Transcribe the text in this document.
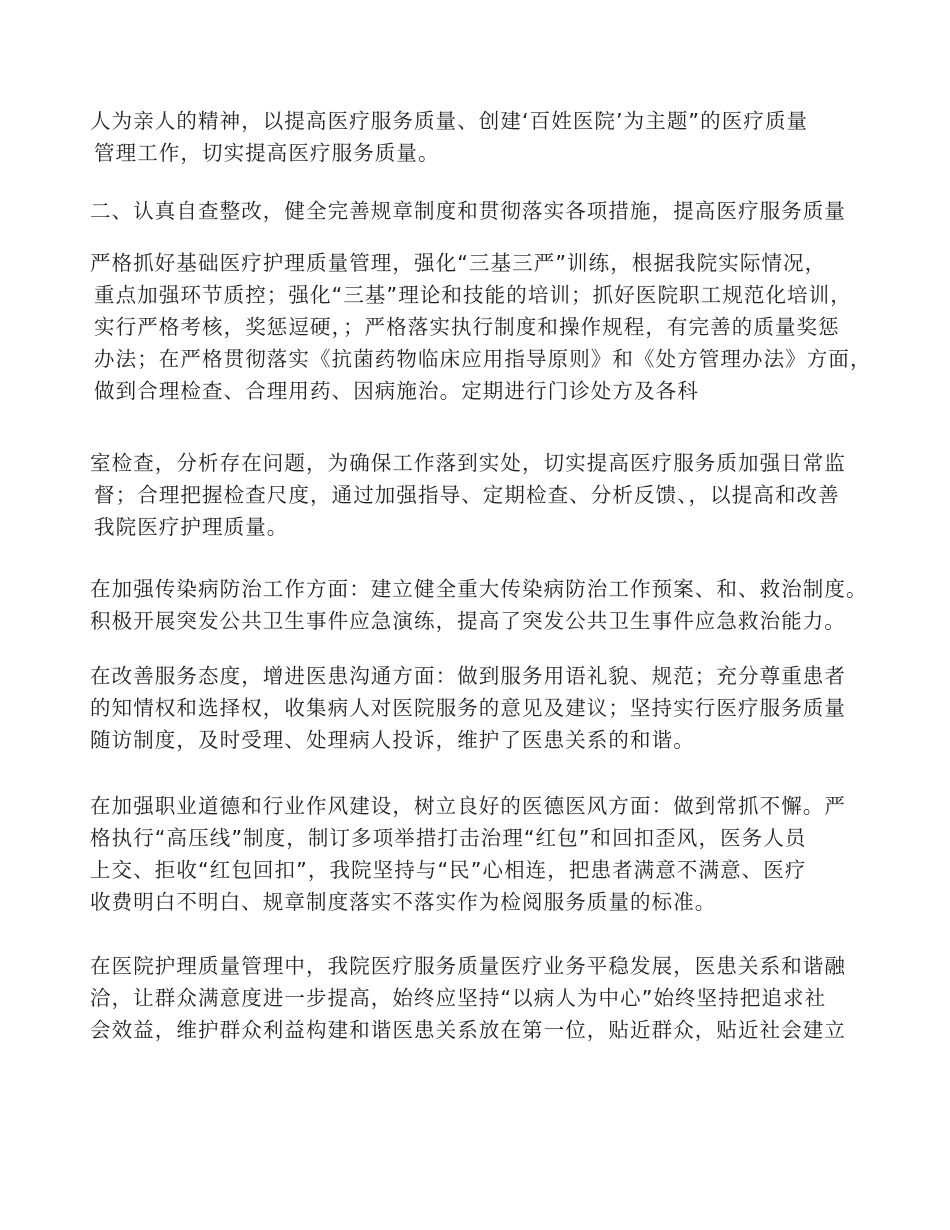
人为亲人的精神，以提高医疗服务质量、创建‘百姓医院’为主题”的医疗质量
管理工作，切实提高医疗服务质量。

二、认真自查整改，健全完善规章制度和贯彻落实各项措施，提高医疗服务质量

严格抓好基础医疗护理质量管理，强化“三基三严”训练，根据我院实际情况，
重点加强环节质控；强化“三基”理论和技能的培训；抓好医院职工规范化培训，
实行严格考核，奖惩逗硬，；严格落实执行制度和操作规程，有完善的质量奖惩
办法；在严格贯彻落实《抗菌药物临床应用指导原则》和《处方管理办法》方面，
做到合理检查、合理用药、因病施治。定期进行门诊处方及各科

室检查，分析存在问题，为确保工作落到实处，切实提高医疗服务质加强日常监
督；合理把握检查尺度，通过加强指导、定期检查、分析反馈、，以提高和改善
我院医疗护理质量。

在加强传染病防治工作方面：建立健全重大传染病防治工作预案、和、救治制度。
积极开展突发公共卫生事件应急演练，提高了突发公共卫生事件应急救治能力。

在改善服务态度，增进医患沟通方面：做到服务用语礼貌、规范；充分尊重患者
的知情权和选择权，收集病人对医院服务的意见及建议；坚持实行医疗服务质量
随访制度，及时受理、处理病人投诉，维护了医患关系的和谐。

在加强职业道德和行业作风建设，树立良好的医德医风方面：做到常抓不懈。严
格执行“高压线”制度，制订多项举措打击治理“红包”和回扣歪风，医务人员
上交、拒收“红包回扣”，我院坚持与“民”心相连，把患者满意不满意、医疗
收费明白不明白、规章制度落实不落实作为检阅服务质量的标准。

在医院护理质量管理中，我院医疗服务质量医疗业务平稳发展，医患关系和谐融
洽，让群众满意度进一步提高，始终应坚持“以病人为中心”始终坚持把追求社
会效益，维护群众利益构建和谐医患关系放在第一位，贴近群众，贴近社会建立
